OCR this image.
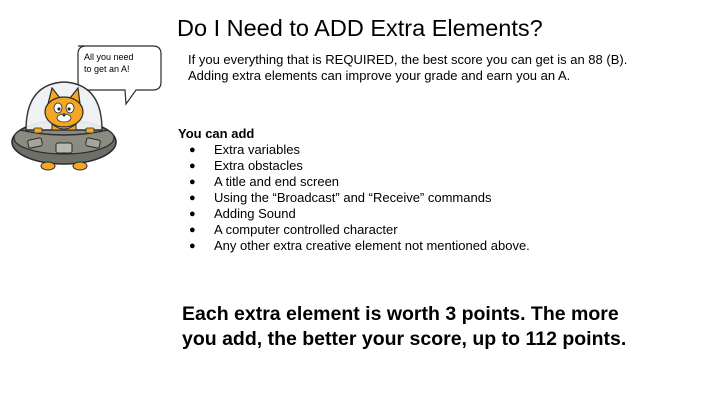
Do I Need to ADD Extra Elements?

If you everything that is REQUIRED, the best score you can get is an 88 (B).

Adding extra elements can improve your grade and earn you an A.

You can add

● Extra variables
● Extra obstacles
● A title and end screen
● Using the “Broadcast” and “Receive” commands
● Adding Sound
● A computer controlled character
● Any other extra creative element not mentioned above.

Each extra element is worth 3 points. The more

you add, the better your score, up to 112 points.

All you need
to get an A!
